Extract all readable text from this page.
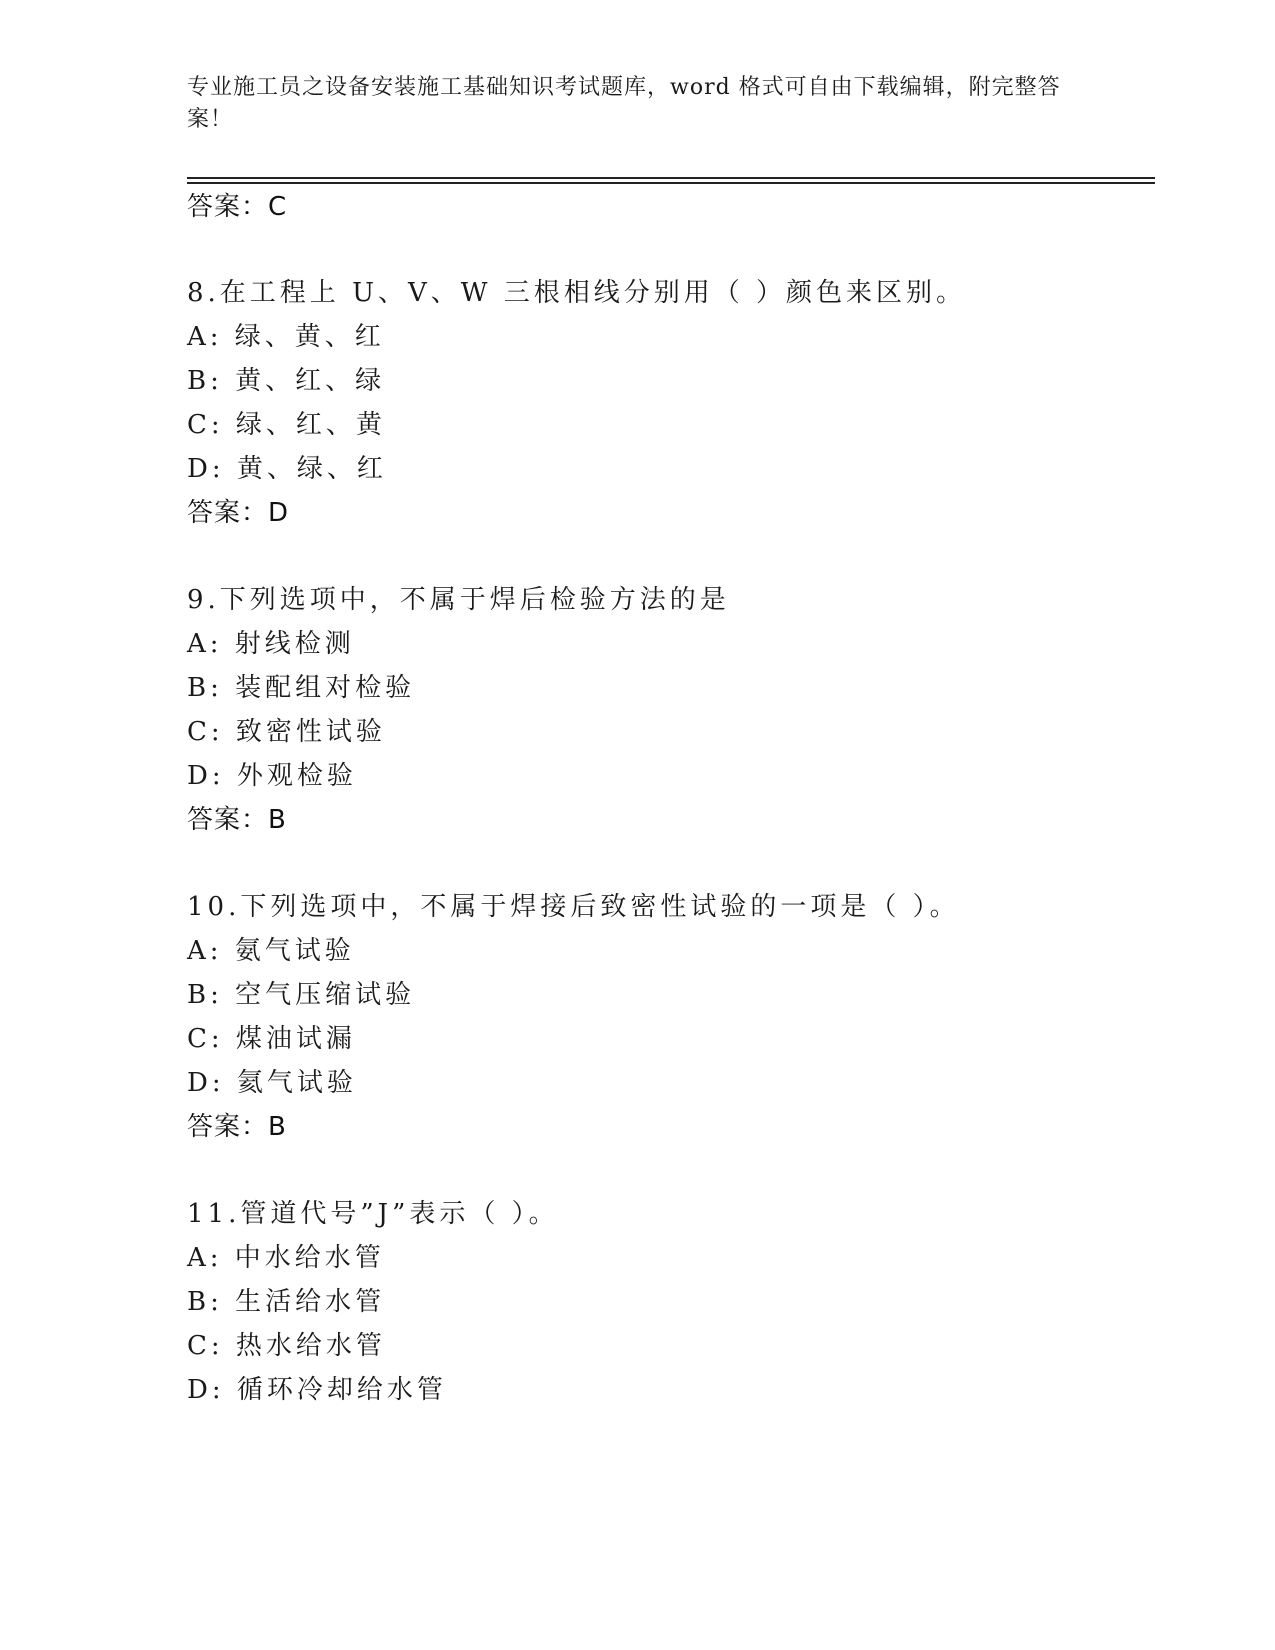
专业施工员之设备安装施工基础知识考试题库，word 格式可自由下载编辑，附完整答案！
答案：C
8.在工程上 U、V、W 三根相线分别用（ ）颜色来区别。
A: 绿、黄、红
B: 黄、红、绿
C: 绿、红、黄
D: 黄、绿、红
答案：D
9.下列选项中，不属于焊后检验方法的是
A: 射线检测
B: 装配组对检验
C: 致密性试验
D: 外观检验
答案：B
10.下列选项中，不属于焊接后致密性试验的一项是（ ）。
A: 氨气试验
B: 空气压缩试验
C: 煤油试漏
D: 氦气试验
答案：B
11.管道代号”J”表示（ ）。
A: 中水给水管
B: 生活给水管
C: 热水给水管
D: 循环冷却给水管
